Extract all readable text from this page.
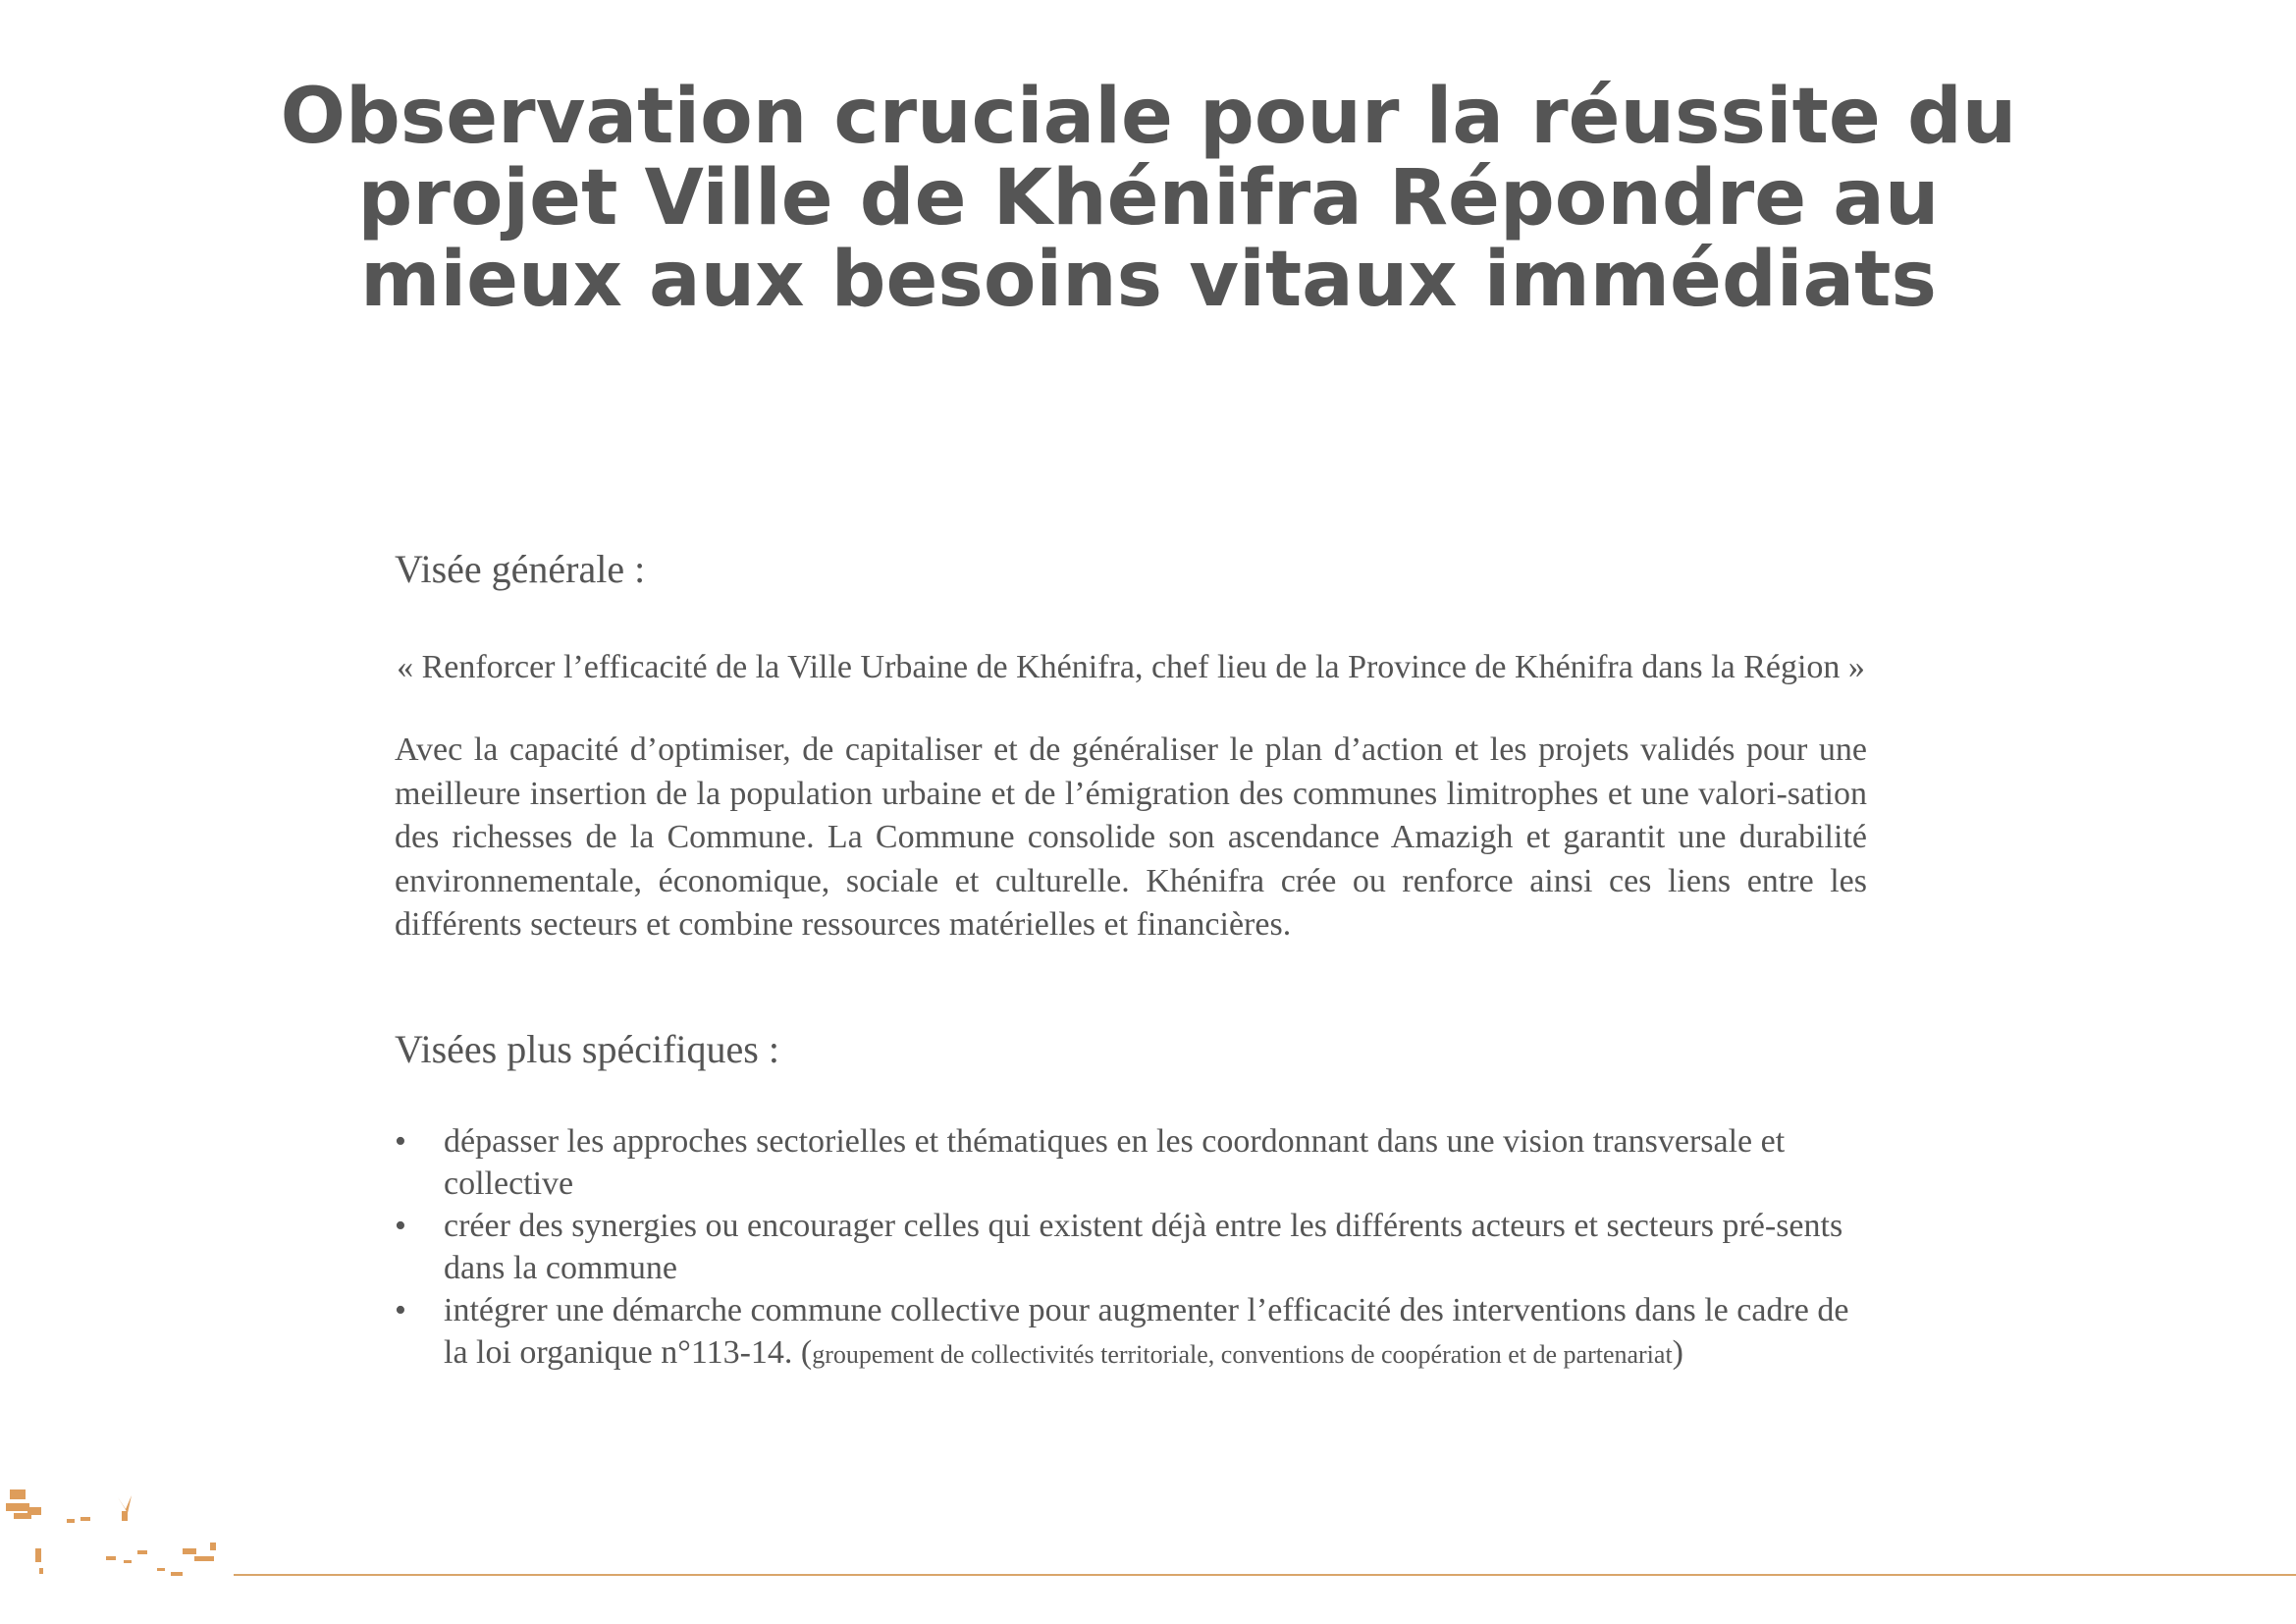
Observation cruciale pour la réussite du projet Ville de Khénifra Répondre au mieux aux besoins vitaux immédiats

Visée générale :

« Renforcer l’efficacité de la Ville Urbaine de Khénifra, chef lieu de la Province de Khénifra dans la Région »

Avec la capacité d’optimiser, de capitaliser et de généraliser le plan d’action et les projets validés pour une meilleure insertion de la population urbaine et de l’émigration des communes limitrophes et une valori-sation des richesses de la Commune. La Commune consolide son ascendance Amazigh et garantit une durabilité environnementale, économique, sociale et culturelle. Khénifra crée ou renforce ainsi ces liens entre les différents secteurs et combine ressources matérielles et financières.

Visées plus spécifiques :

• dépasser les approches sectorielles et thématiques en les coordonnant dans une vision transversale et collective
• créer des synergies ou encourager celles qui existent déjà entre les différents acteurs et secteurs pré-sents dans la commune
• intégrer une démarche commune collective pour augmenter l’efficacité des interventions dans le cadre de la loi organique n°113-14. (groupement de collectivités territoriale, conventions de coopération et de partenariat)
